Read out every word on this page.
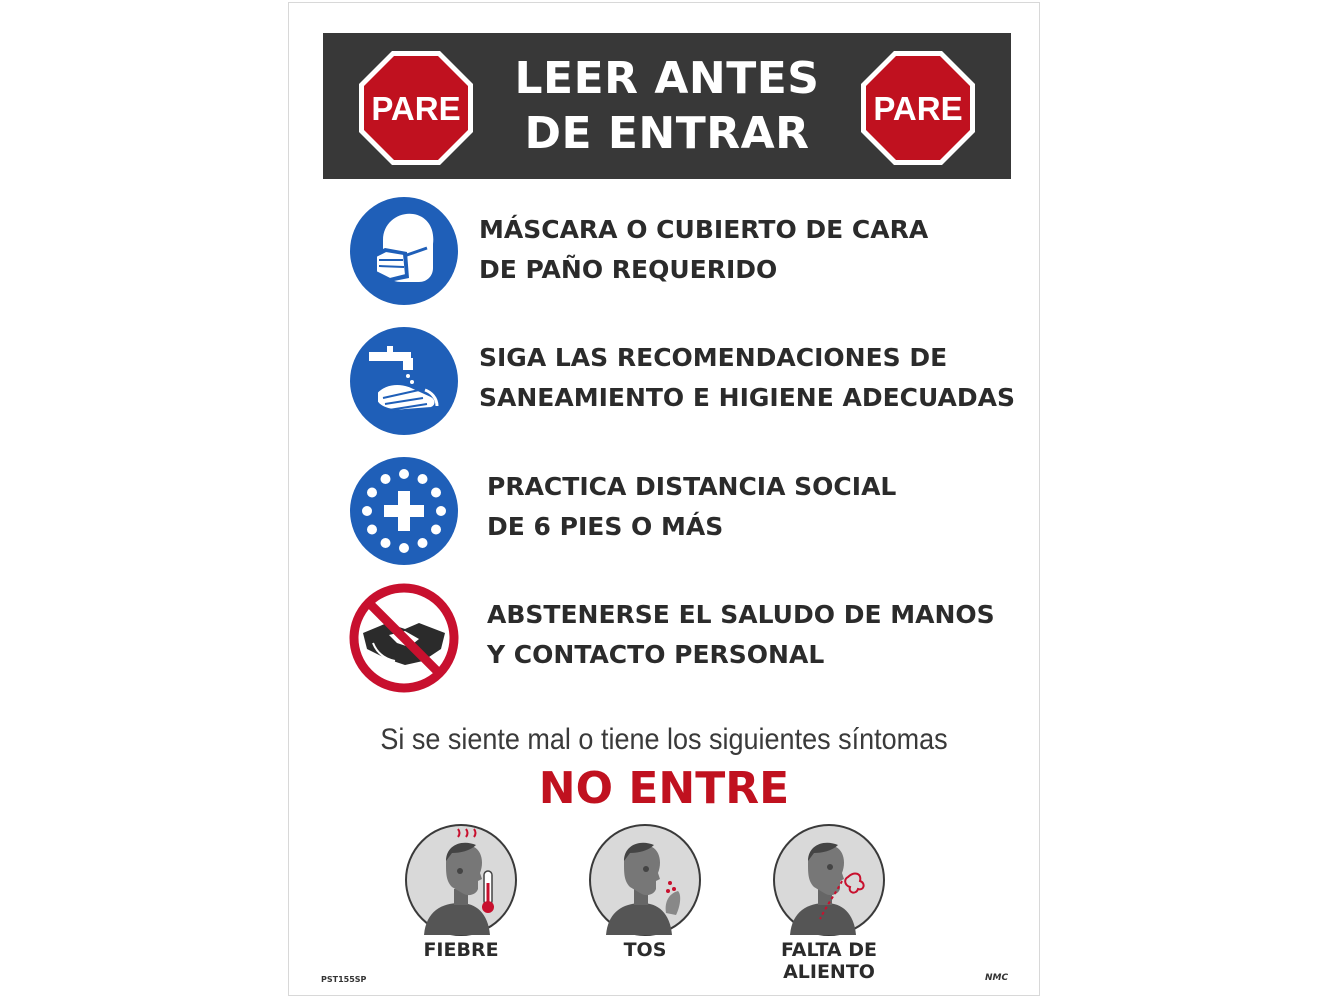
PARE
LEER ANTES
DE ENTRAR	PARE
MÁSCARA O CUBIERTO DE CARA
DE PAÑO REQUERIDO
SIGA LAS RECOMENDACIONES DE
SANEAMIENTO E HIGIENE ADECUADAS
PRACTICA DISTANCIA SOCIAL
DE 6 PIES O MÁS
ABSTENERSE EL SALUDO DE MANOS
Y CONTACTO PERSONAL
Si se siente mal o tiene los siguientes síntomas
NO ENTRE
FIEBRE	TOS	FALTA DE
ALIENTO
PST155SP	NMC
